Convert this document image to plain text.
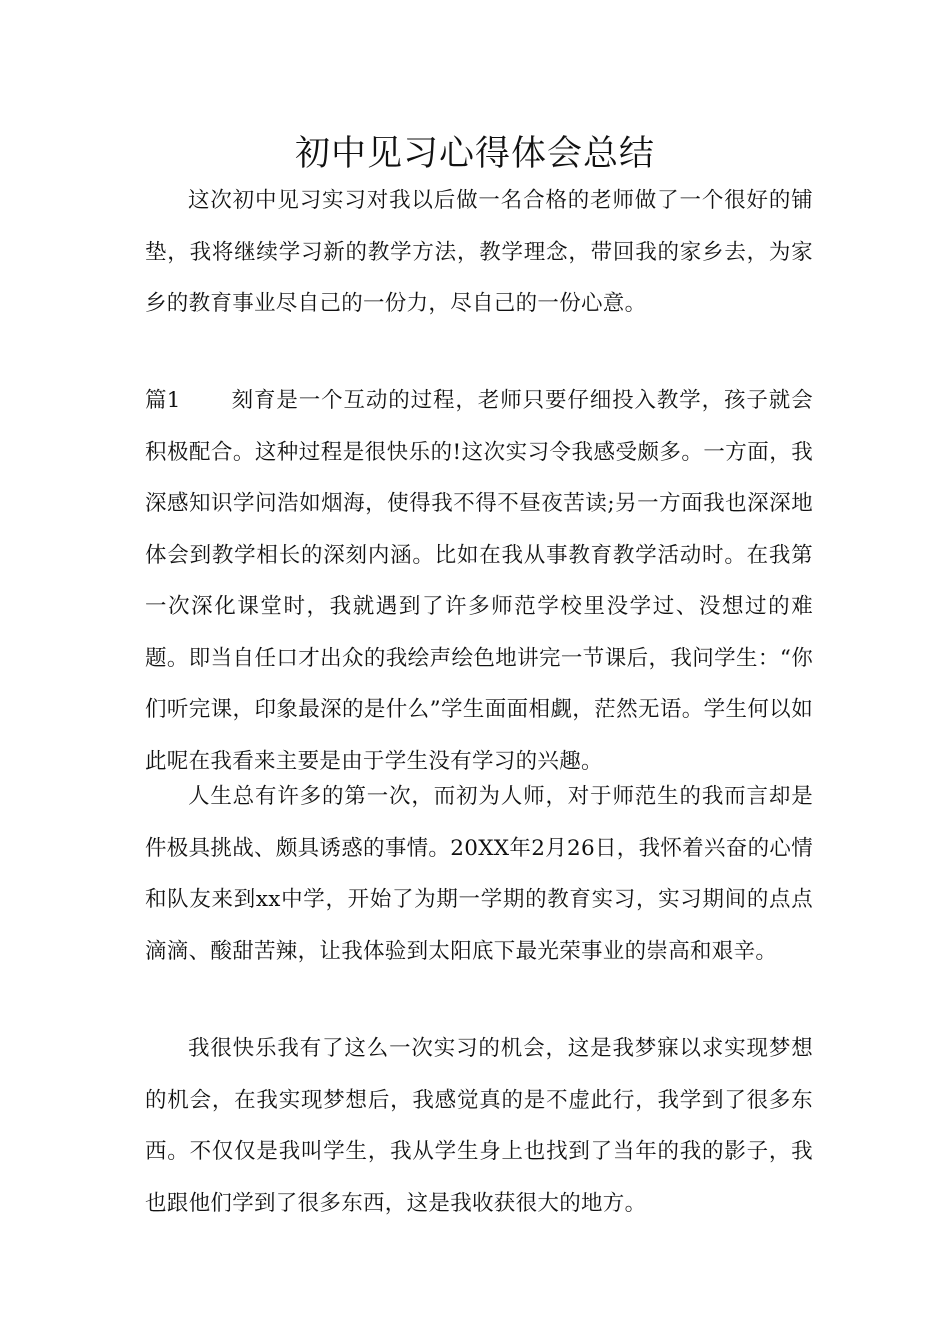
初中见习心得体会总结

这次初中见习实习对我以后做一名合格的老师做了一个很好的铺垫，我将继续学习新的教学方法，教学理念，带回我的家乡去，为家乡的教育事业尽自己的一份力，尽自己的一份心意。

篇1 刻育是一个互动的过程，老师只要仔细投入教学，孩子就会积极配合。这种过程是很快乐的!这次实习令我感受颇多。一方面，我深感知识学问浩如烟海，使得我不得不昼夜苦读;另一方面我也深深地体会到教学相长的深刻内涵。比如在我从事教育教学活动时。在我第一次深化课堂时，我就遇到了许多师范学校里没学过、没想过的难题。即当自任口才出众的我绘声绘色地讲完一节课后，我问学生：“你们听完课，印象最深的是什么”学生面面相觑，茫然无语。学生何以如此呢在我看来主要是由于学生没有学习的兴趣。

人生总有许多的第一次，而初为人师，对于师范生的我而言却是件极具挑战、颇具诱惑的事情。20XX年2月26日，我怀着兴奋的心情和队友来到xx中学，开始了为期一学期的教育实习，实习期间的点点滴滴、酸甜苦辣，让我体验到太阳底下最光荣事业的崇高和艰辛。

我很快乐我有了这么一次实习的机会，这是我梦寐以求实现梦想的机会，在我实现梦想后，我感觉真的是不虚此行，我学到了很多东西。不仅仅是我叫学生，我从学生身上也找到了当年的我的影子，我也跟他们学到了很多东西，这是我收获很大的地方。
